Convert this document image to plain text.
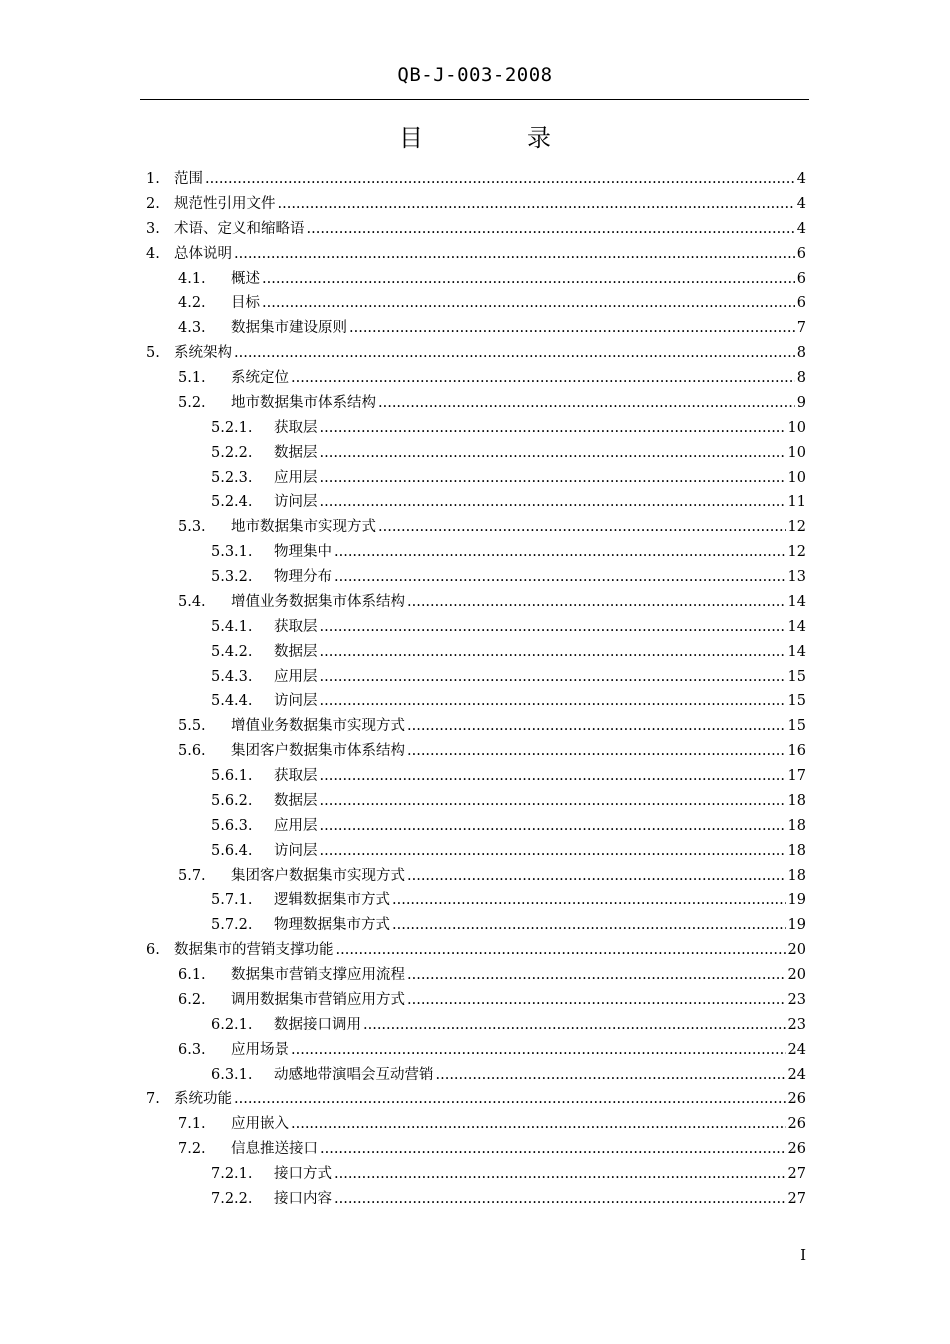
QB-J-003-2008
目　录
1. 范围 .....	4
2. 规范性引用文件 .....	4
3. 术语、定义和缩略语 .....	4
4. 总体说明 .....	6
4.1. 概述 .....	6
4.2. 目标 .....	6
4.3. 数据集市建设原则 .....	7
5. 系统架构 .....	8
5.1. 系统定位 .....	8
5.2. 地市数据集市体系结构 .....	9
5.2.1. 获取层 .....	10
5.2.2. 数据层 .....	10
5.2.3. 应用层 .....	10
5.2.4. 访问层 .....	11
5.3. 地市数据集市实现方式 .....	12
5.3.1. 物理集中 .....	12
5.3.2. 物理分布 .....	13
5.4. 增值业务数据集市体系结构 .....	14
5.4.1. 获取层 .....	14
5.4.2. 数据层 .....	14
5.4.3. 应用层 .....	15
5.4.4. 访问层 .....	15
5.5. 增值业务数据集市实现方式 .....	15
5.6. 集团客户数据集市体系结构 .....	16
5.6.1. 获取层 .....	17
5.6.2. 数据层 .....	18
5.6.3. 应用层 .....	18
5.6.4. 访问层 .....	18
5.7. 集团客户数据集市实现方式 .....	18
5.7.1. 逻辑数据集市方式 .....	19
5.7.2. 物理数据集市方式 .....	19
6. 数据集市的营销支撑功能 .....	20
6.1. 数据集市营销支撑应用流程 .....	20
6.2. 调用数据集市营销应用方式 .....	23
6.2.1. 数据接口调用 .....	23
6.3. 应用场景 .....	24
6.3.1. 动感地带演唱会互动营销 .....	24
7. 系统功能 .....	26
7.1. 应用嵌入 .....	26
7.2. 信息推送接口 .....	26
7.2.1. 接口方式 .....	27
7.2.2. 接口内容 .....	27
I
